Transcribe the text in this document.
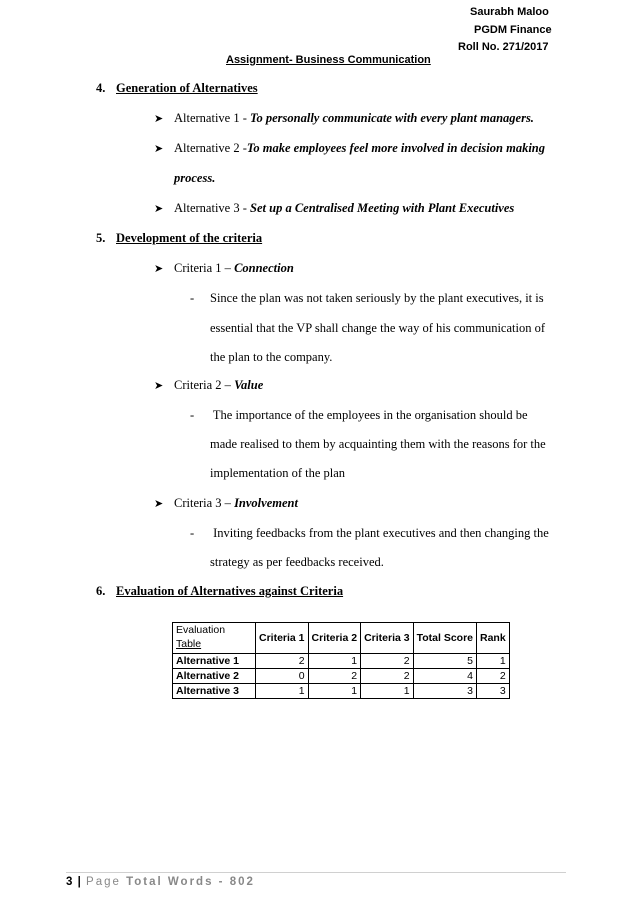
Saurabh Maloo
PGDM Finance
Roll No. 271/2017
Assignment- Business Communication
4. Generation of Alternatives
➤ Alternative 1 - To personally communicate with every plant managers.
➤ Alternative 2 -To make employees feel more involved in decision making
process.
➤ Alternative 3 - Set up a Centralised Meeting with Plant Executives
5. Development of the criteria
➤ Criteria 1 – Connection
- Since the plan was not taken seriously by the plant executives, it is
essential that the VP shall change the way of his communication of
the plan to the company.
➤ Criteria 2 – Value
- The importance of the employees in the organisation should be
made realised to them by acquainting them with the reasons for the
implementation of the plan
➤ Criteria 3 – Involvement
- Inviting feedbacks from the plant executives and then changing the
strategy as per feedbacks received.
6. Evaluation of Alternatives against Criteria
Evaluation
Table	Criteria 1	Criteria 2	Criteria 3	Total Score	Rank
Alternative 1	2	1	2	5	1
Alternative 2	0	2	2	4	2
Alternative 3	1	1	1	3	3
3 | Page Total Words - 802
